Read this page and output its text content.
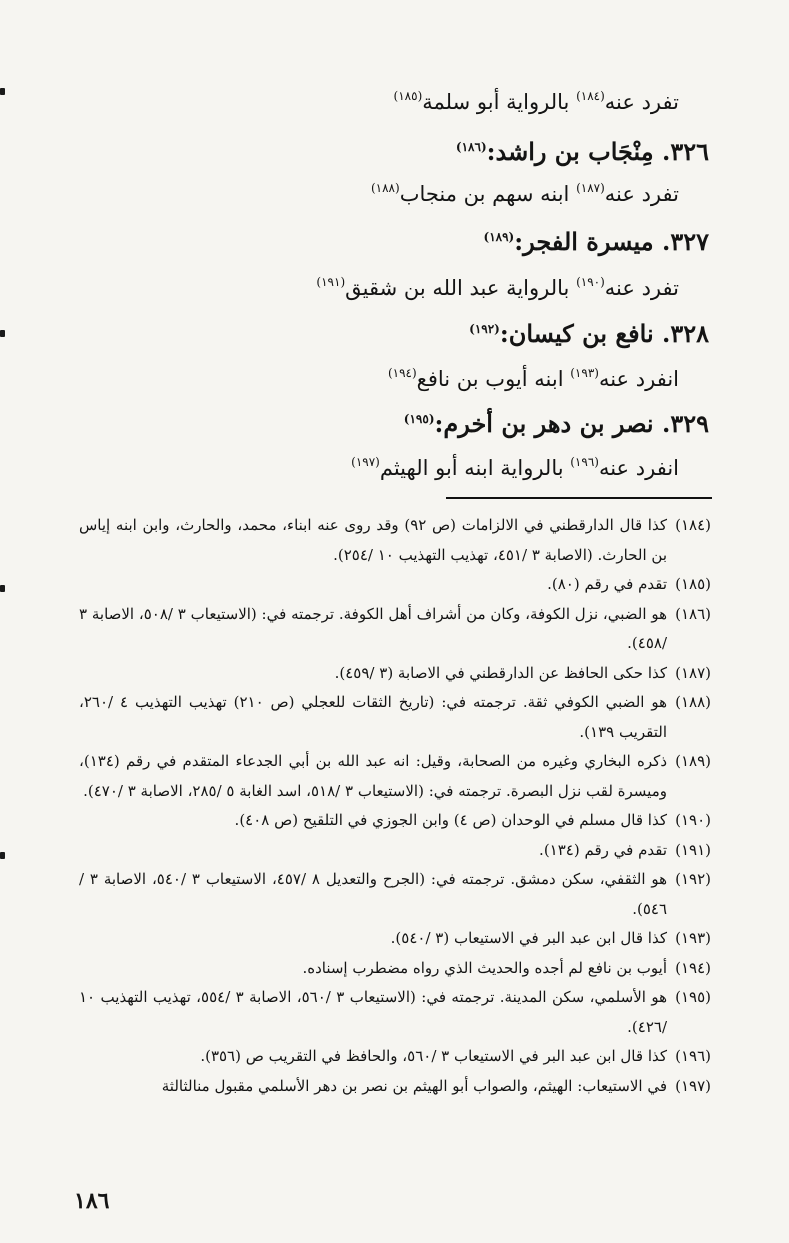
تفرد عنه$^{(١٨٤)}$ بالرواية أبو سلمة$^{(١٨٥)}$
٣٢٦. مِنْجَاب بن راشد:$^{(١٨٦)}$
تفرد عنه$^{(١٨٧)}$ ابنه سهم بن منجاب$^{(١٨٨)}$
٣٢٧. ميسرة الفجر:$^{(١٨٩)}$
تفرد عنه$^{(١٩٠)}$ بالرواية عبد الله بن شقيق$^{(١٩١)}$
٣٢٨. نافع بن كيسان:$^{(١٩٢)}$
انفرد عنه$^{(١٩٣)}$ ابنه أيوب بن نافع$^{(١٩٤)}$
٣٢٩. نصر بن دهر بن أخرم:$^{(١٩٥)}$
انفرد عنه$^{(١٩٦)}$ بالرواية ابنه أبو الهيثم$^{(١٩٧)}$
(١٨٤)
كذا قال الدارقطني في الالزامات (ص ٩٢) وقد روى عنه ابناء، محمد، والحارث، وابن ابنه إياس بن الحارث. (الاصابة ٣ /٤٥١، تهذيب التهذيب ١٠ /٢٥٤).
(١٨٥)
تقدم في رقم (٨٠).
(١٨٦)
هو الضبي، نزل الكوفة، وكان من أشراف أهل الكوفة. ترجمته في: (الاستيعاب ٣ /٥٠٨، الاصابة ٣ /٤٥٨).
(١٨٧)
كذا حكى الحافظ عن الدارقطني في الاصابة (٣ /٤٥٩).
(١٨٨)
هو الضبي الكوفي ثقة. ترجمته في: (تاريخ الثقات للعجلي (ص ٢١٠) تهذيب التهذيب ٤ /٢٦٠، التقريب ١٣٩).
(١٨٩)
ذكره البخاري وغيره من الصحابة، وقيل: انه عبد الله بن أبي الجدعاء المتقدم في رقم (١٣٤)، وميسرة لقب نزل البصرة. ترجمته في: (الاستيعاب ٣ /٥١٨، اسد الغابة ٥ /٢٨٥، الاصابة ٣ /٤٧٠).
(١٩٠)
كذا قال مسلم في الوحدان (ص ٤) وابن الجوزي في التلقيح (ص ٤٠٨).
(١٩١)
تقدم في رقم (١٣٤).
(١٩٢)
هو الثقفي، سكن دمشق. ترجمته في: (الجرح والتعديل ٨ /٤٥٧، الاستيعاب ٣ /٥٤٠، الاصابة ٣ /٥٤٦).
(١٩٣)
كذا قال ابن عبد البر في الاستيعاب (٣ /٥٤٠).
(١٩٤)
أيوب بن نافع لم أجده والحديث الذي رواه مضطرب إسناده.
(١٩٥)
هو الأسلمي، سكن المدينة. ترجمته في: (الاستيعاب ٣ /٥٦٠، الاصابة ٣ /٥٥٤، تهذيب التهذيب ١٠ /٤٢٦).
(١٩٦)
كذا قال ابن عبد البر في الاستيعاب ٣ /٥٦٠، والحافظ في التقريب ص (٣٥٦).
(١٩٧)
في الاستيعاب: الهيثم، والصواب أبو الهيثم بن نصر بن دهر الأسلمي مقبول منالثالثة
١٨٦
